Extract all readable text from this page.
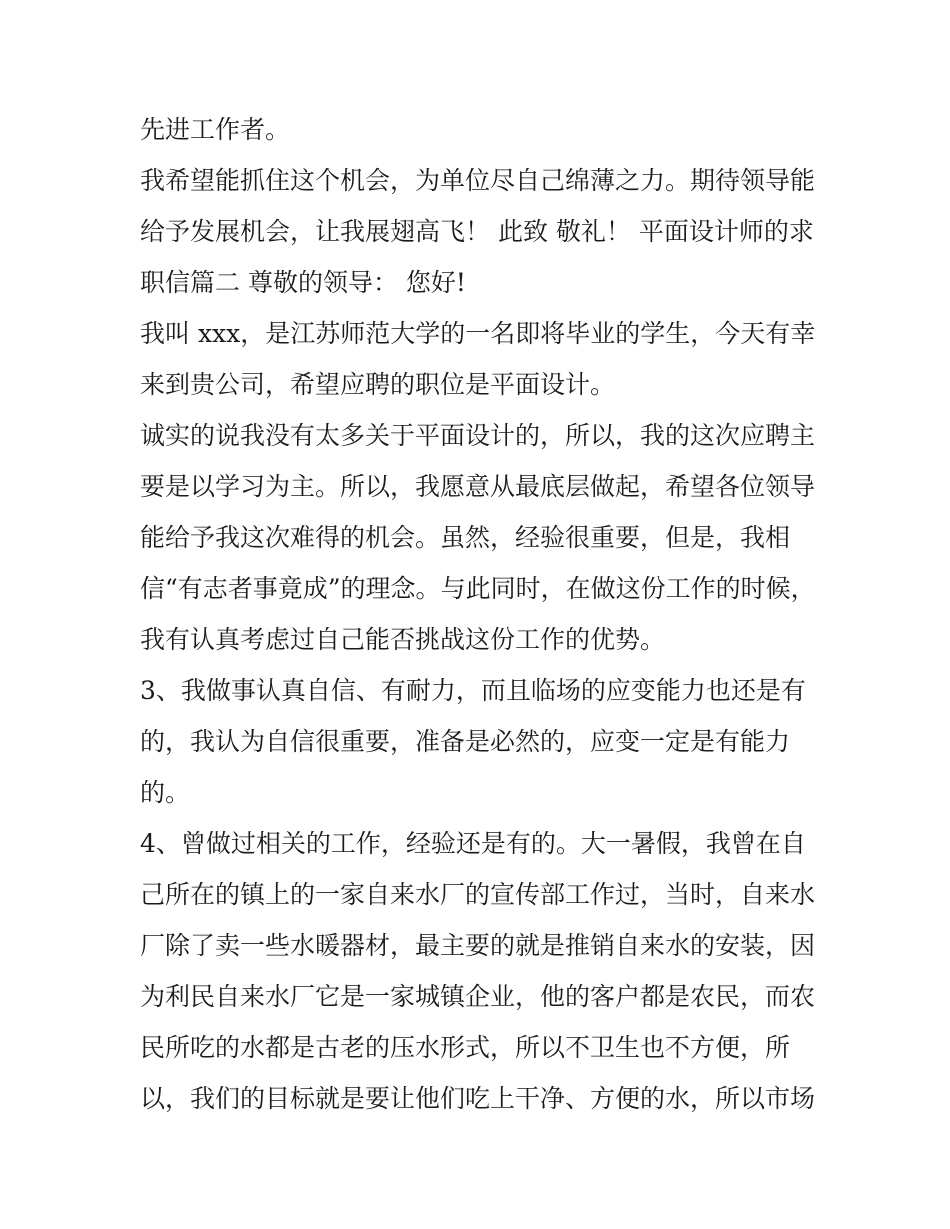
先进工作者。
我希望能抓住这个机会，为单位尽自己绵薄之力。期待领导能
给予发展机会，让我展翅高飞！ 此致 敬礼！ 平面设计师的求
职信篇二 尊敬的领导： 您好!
我叫 xxx，是江苏师范大学的一名即将毕业的学生，今天有幸
来到贵公司，希望应聘的职位是平面设计。
诚实的说我没有太多关于平面设计的，所以，我的这次应聘主
要是以学习为主。所以，我愿意从最底层做起，希望各位领导
能给予我这次难得的机会。虽然，经验很重要，但是，我相
信“有志者事竟成”的理念。与此同时，在做这份工作的时候，
我有认真考虑过自己能否挑战这份工作的优势。
3、我做事认真自信、有耐力，而且临场的应变能力也还是有
的，我认为自信很重要，准备是必然的，应变一定是有能力
的。
4、曾做过相关的工作，经验还是有的。大一暑假，我曾在自
己所在的镇上的一家自来水厂的宣传部工作过，当时，自来水
厂除了卖一些水暖器材，最主要的就是推销自来水的安装，因
为利民自来水厂它是一家城镇企业，他的客户都是农民，而农
民所吃的水都是古老的压水形式，所以不卫生也不方便，所
以，我们的目标就是要让他们吃上干净、方便的水，所以市场
